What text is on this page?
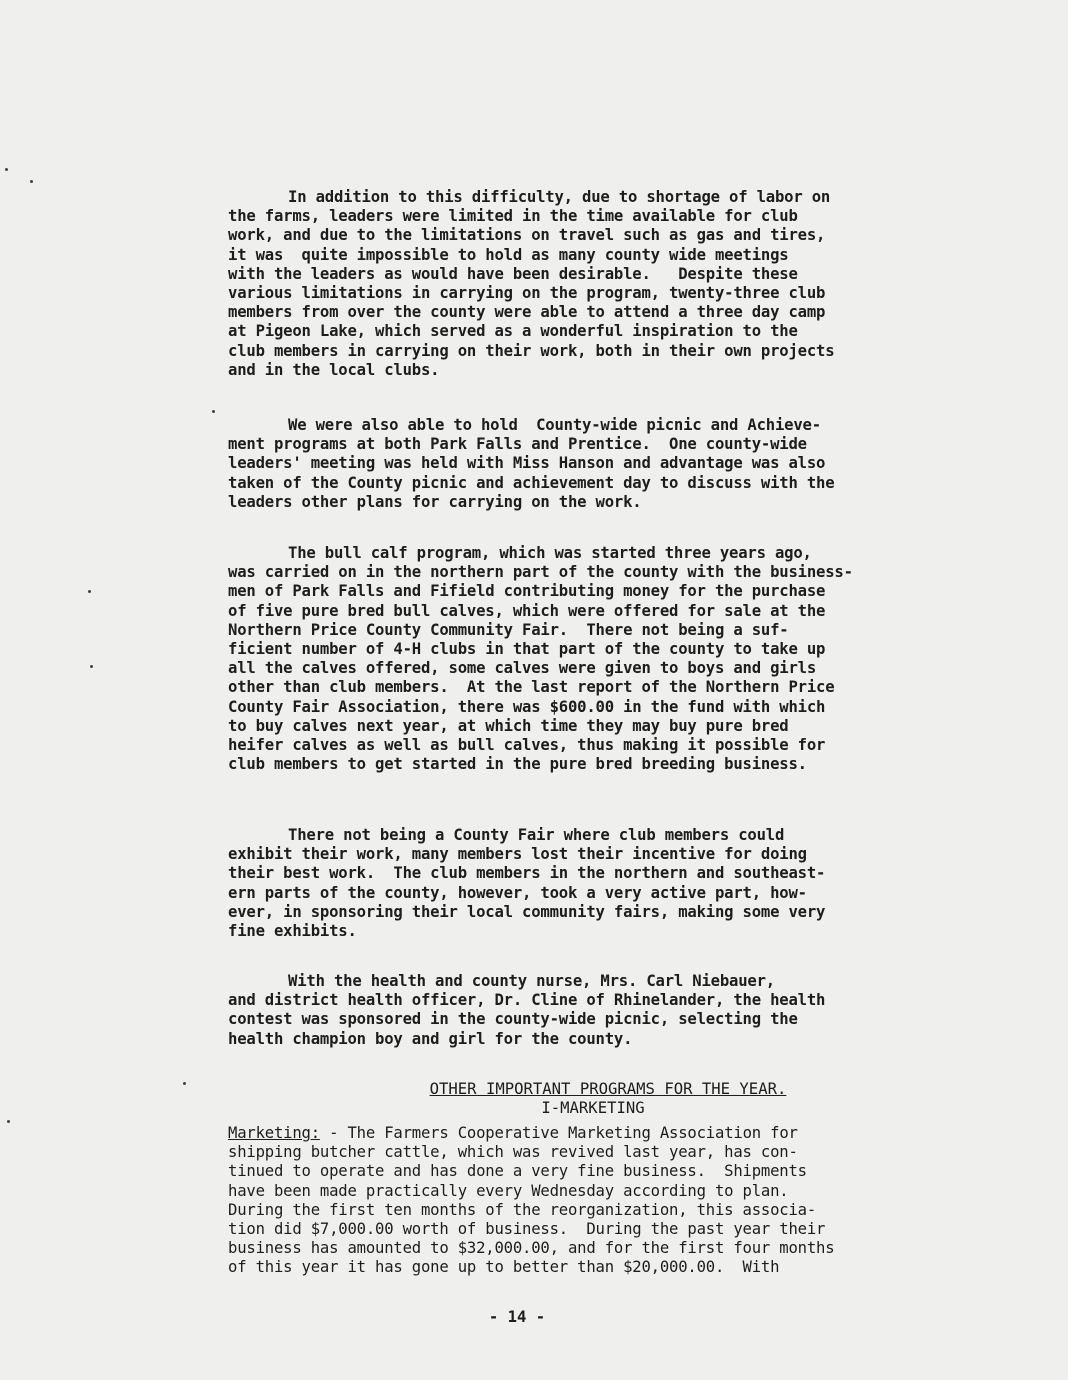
In addition to this difficulty, due to shortage of labor on
the farms, leaders were limited in the time available for club
work, and due to the limitations on travel such as gas and tires,
it was  quite impossible to hold as many county wide meetings
with the leaders as would have been desirable.   Despite these
various limitations in carrying on the program, twenty-three club
members from over the county were able to attend a three day camp
at Pigeon Lake, which served as a wonderful inspiration to the
club members in carrying on their work, both in their own projects
and in the local clubs.
We were also able to hold  County-wide picnic and Achieve-
ment programs at both Park Falls and Prentice.  One county-wide
leaders' meeting was held with Miss Hanson and advantage was also
taken of the County picnic and achievement day to discuss with the
leaders other plans for carrying on the work.
The bull calf program, which was started three years ago,
was carried on in the northern part of the county with the business-
men of Park Falls and Fifield contributing money for the purchase
of five pure bred bull calves, which were offered for sale at the
Northern Price County Community Fair.  There not being a suf-
ficient number of 4-H clubs in that part of the county to take up
all the calves offered, some calves were given to boys and girls
other than club members.  At the last report of the Northern Price
County Fair Association, there was $600.00 in the fund with which
to buy calves next year, at which time they may buy pure bred
heifer calves as well as bull calves, thus making it possible for
club members to get started in the pure bred breeding business.
There not being a County Fair where club members could
exhibit their work, many members lost their incentive for doing
their best work.  The club members in the northern and southeast-
ern parts of the county, however, took a very active part, how-
ever, in sponsoring their local community fairs, making some very
fine exhibits.
With the health and county nurse, Mrs. Carl Niebauer,
and district health officer, Dr. Cline of Rhinelander, the health
contest was sponsored in the county-wide picnic, selecting the
health champion boy and girl for the county.
OTHER IMPORTANT PROGRAMS FOR THE YEAR.
I-MARKETING
Marketing: - The Farmers Cooperative Marketing Association for
shipping butcher cattle, which was revived last year, has con-
tinued to operate and has done a very fine business.  Shipments
have been made practically every Wednesday according to plan.
During the first ten months of the reorganization, this associa-
tion did $7,000.00 worth of business.  During the past year their
business has amounted to $32,000.00, and for the first four months
of this year it has gone up to better than $20,000.00.  With
- 14 -
